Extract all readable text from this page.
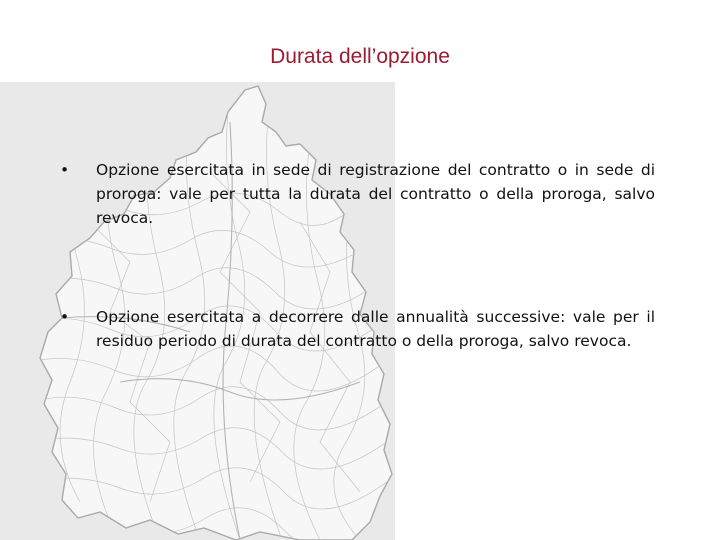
Durata dell’opzione
•	Opzione esercitata in sede di registrazione del contratto o in sede di proroga: vale per tutta la durata del contratto o della proroga, salvo revoca.
•	Opzione esercitata a decorrere dalle annualità successive: vale per il residuo periodo di durata del contratto o della proroga, salvo revoca.
